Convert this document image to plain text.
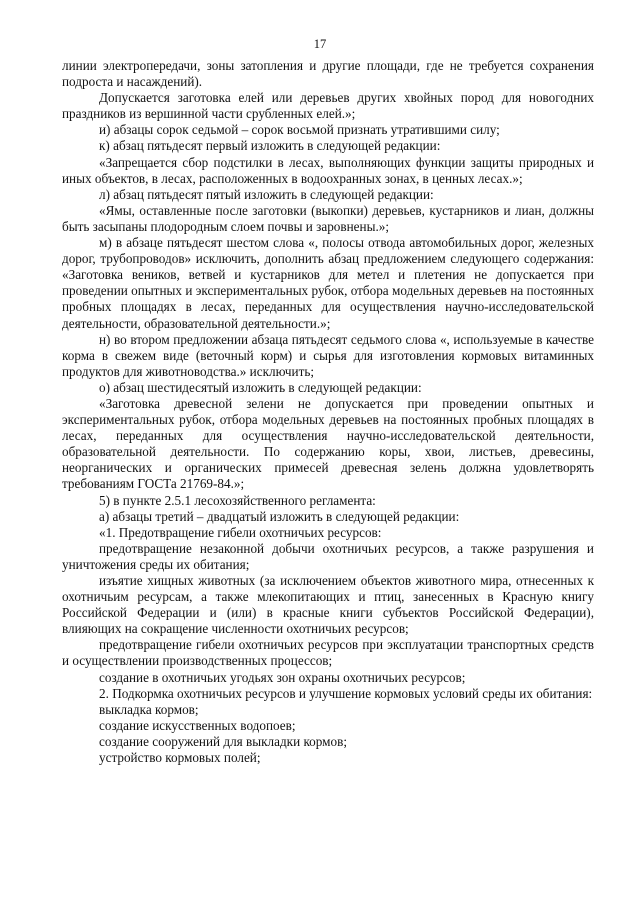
17

линии электропередачи, зоны затопления и другие площади, где не требуется сохранения подроста и насаждений).

Допускается заготовка елей или деревьев других хвойных пород для новогодних праздников из вершинной части срубленных елей.»;

и) абзацы сорок седьмой – сорок восьмой признать утратившими силу;

к) абзац пятьдесят первый изложить в следующей редакции:

«Запрещается сбор подстилки в лесах, выполняющих функции защиты природных и иных объектов, в лесах, расположенных в водоохранных зонах, в ценных лесах.»;

л) абзац пятьдесят пятый изложить в следующей редакции:

«Ямы, оставленные после заготовки (выкопки) деревьев, кустарников и лиан, должны быть засыпаны плодородным слоем почвы и заровнены.»;

м) в абзаце пятьдесят шестом слова «, полосы отвода автомобильных дорог, железных дорог, трубопроводов» исключить, дополнить абзац предложением следующего содержания: «Заготовка веников, ветвей и кустарников для метел и плетения не допускается при проведении опытных и экспериментальных рубок, отбора модельных деревьев на постоянных пробных площадях в лесах, переданных для осуществления научно-исследовательской деятельности, образовательной деятельности.»;

н) во втором предложении абзаца пятьдесят седьмого слова «, используемые в качестве корма в свежем виде (веточный корм) и сырья для изготовления кормовых витаминных продуктов для животноводства.» исключить;

о) абзац шестидесятый изложить в следующей редакции:

«Заготовка древесной зелени не допускается при проведении опытных и экспериментальных рубок, отбора модельных деревьев на постоянных пробных площадях в лесах, переданных для осуществления научно-исследовательской деятельности, образовательной деятельности. По содержанию коры, хвои, листьев, древесины, неорганических и органических примесей древесная зелень должна удовлетворять требованиям ГОСТа 21769-84.»;

5) в пункте 2.5.1 лесохозяйственного регламента:

а) абзацы третий – двадцатый изложить в следующей редакции:

«1. Предотвращение гибели охотничьих ресурсов:

предотвращение незаконной добычи охотничьих ресурсов, а также разрушения и уничтожения среды их обитания;

изъятие хищных животных (за исключением объектов животного мира, отнесенных к охотничьим ресурсам, а также млекопитающих и птиц, занесенных в Красную книгу Российской Федерации и (или) в красные книги субъектов Российской Федерации), влияющих на сокращение численности охотничьих ресурсов;

предотвращение гибели охотничьих ресурсов при эксплуатации транспортных средств и осуществлении производственных процессов;

создание в охотничьих угодьях зон охраны охотничьих ресурсов;

2. Подкормка охотничьих ресурсов и улучшение кормовых условий среды их обитания:

выкладка кормов;

создание искусственных водопоев;

создание сооружений для выкладки кормов;

устройство кормовых полей;
